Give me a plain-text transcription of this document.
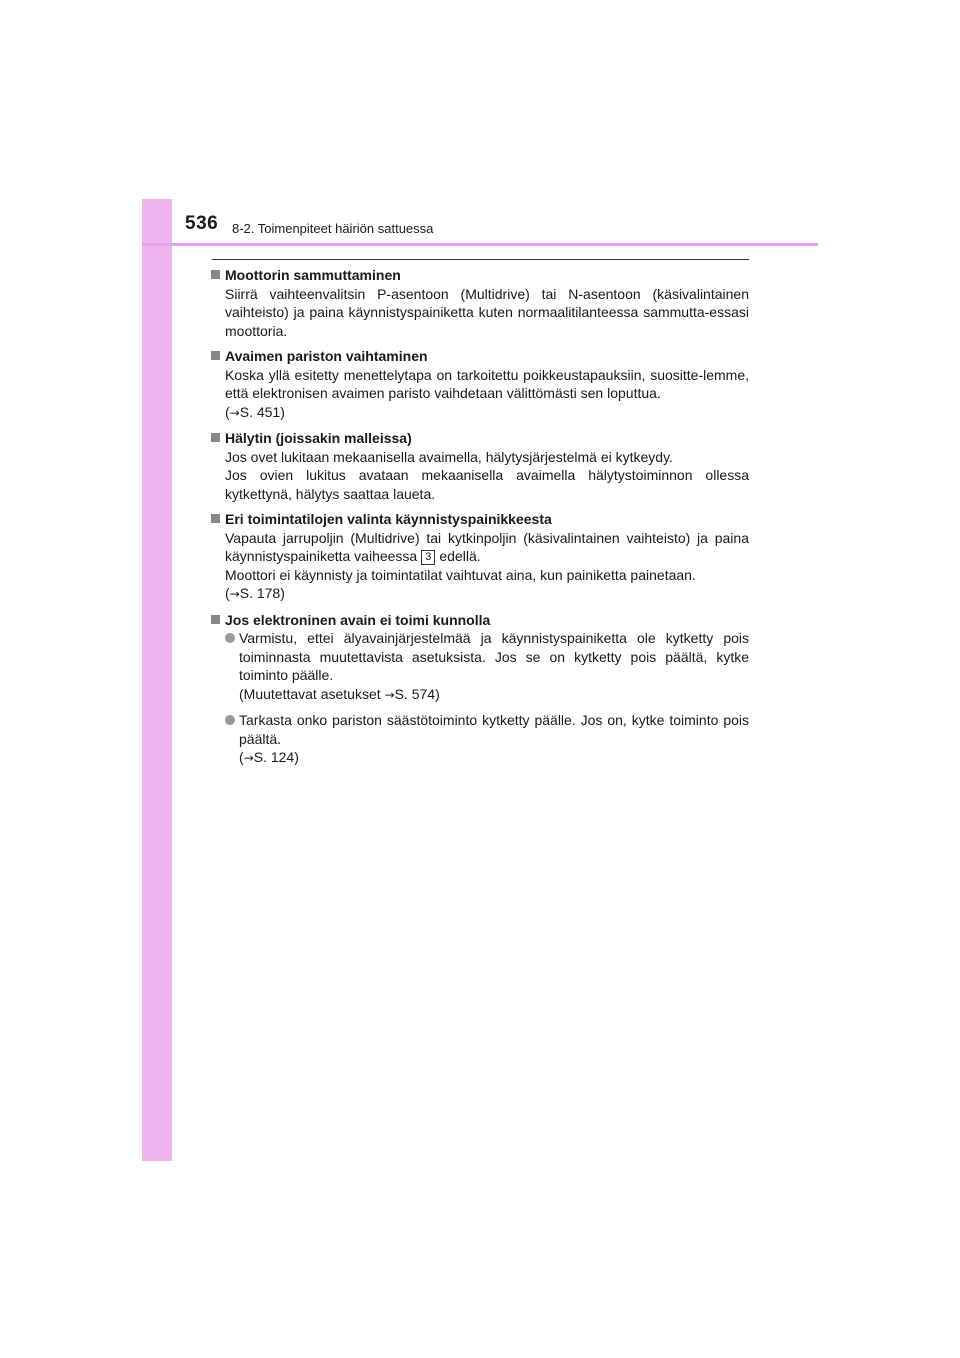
536 8-2. Toimenpiteet häiriön sattuessa
Moottorin sammuttaminen
Siirrä vaihteenvalitsin P-asentoon (Multidrive) tai N-asentoon (käsivalintainen vaihteisto) ja paina käynnistyspainiketta kuten normaalitilanteessa sammutta-essasi moottoria.
Avaimen pariston vaihtaminen
Koska yllä esitetty menettelytapa on tarkoitettu poikkeustapauksiin, suositte-lemme, että elektronisen avaimen paristo vaihdetaan välittömästi sen loputtua.
(→S. 451)
Hälytin (joissakin malleissa)
Jos ovet lukitaan mekaanisella avaimella, hälytysjärjestelmä ei kytkeydy.
Jos ovien lukitus avataan mekaanisella avaimella hälytystoiminnon ollessa kytkettynä, hälytys saattaa laueta.
Eri toimintatilojen valinta käynnistyspainikkeesta
Vapauta jarrupoljin (Multidrive) tai kytkinpoljin (käsivalintainen vaihteisto) ja paina käynnistyspainiketta vaiheessa 3 edellä.
Moottori ei käynnisty ja toimintatilat vaihtuvat aina, kun painiketta painetaan.
(→S. 178)
Jos elektroninen avain ei toimi kunnolla
Varmistu, ettei älyavainjärjestelmää ja käynnistyspainiketta ole kytketty pois toiminnasta muutettavista asetuksista. Jos se on kytketty pois päältä, kytke toiminto päälle.
(Muutettavat asetukset →S. 574)
Tarkasta onko pariston säästötoiminto kytketty päälle. Jos on, kytke toiminto pois päältä.
(→S. 124)
